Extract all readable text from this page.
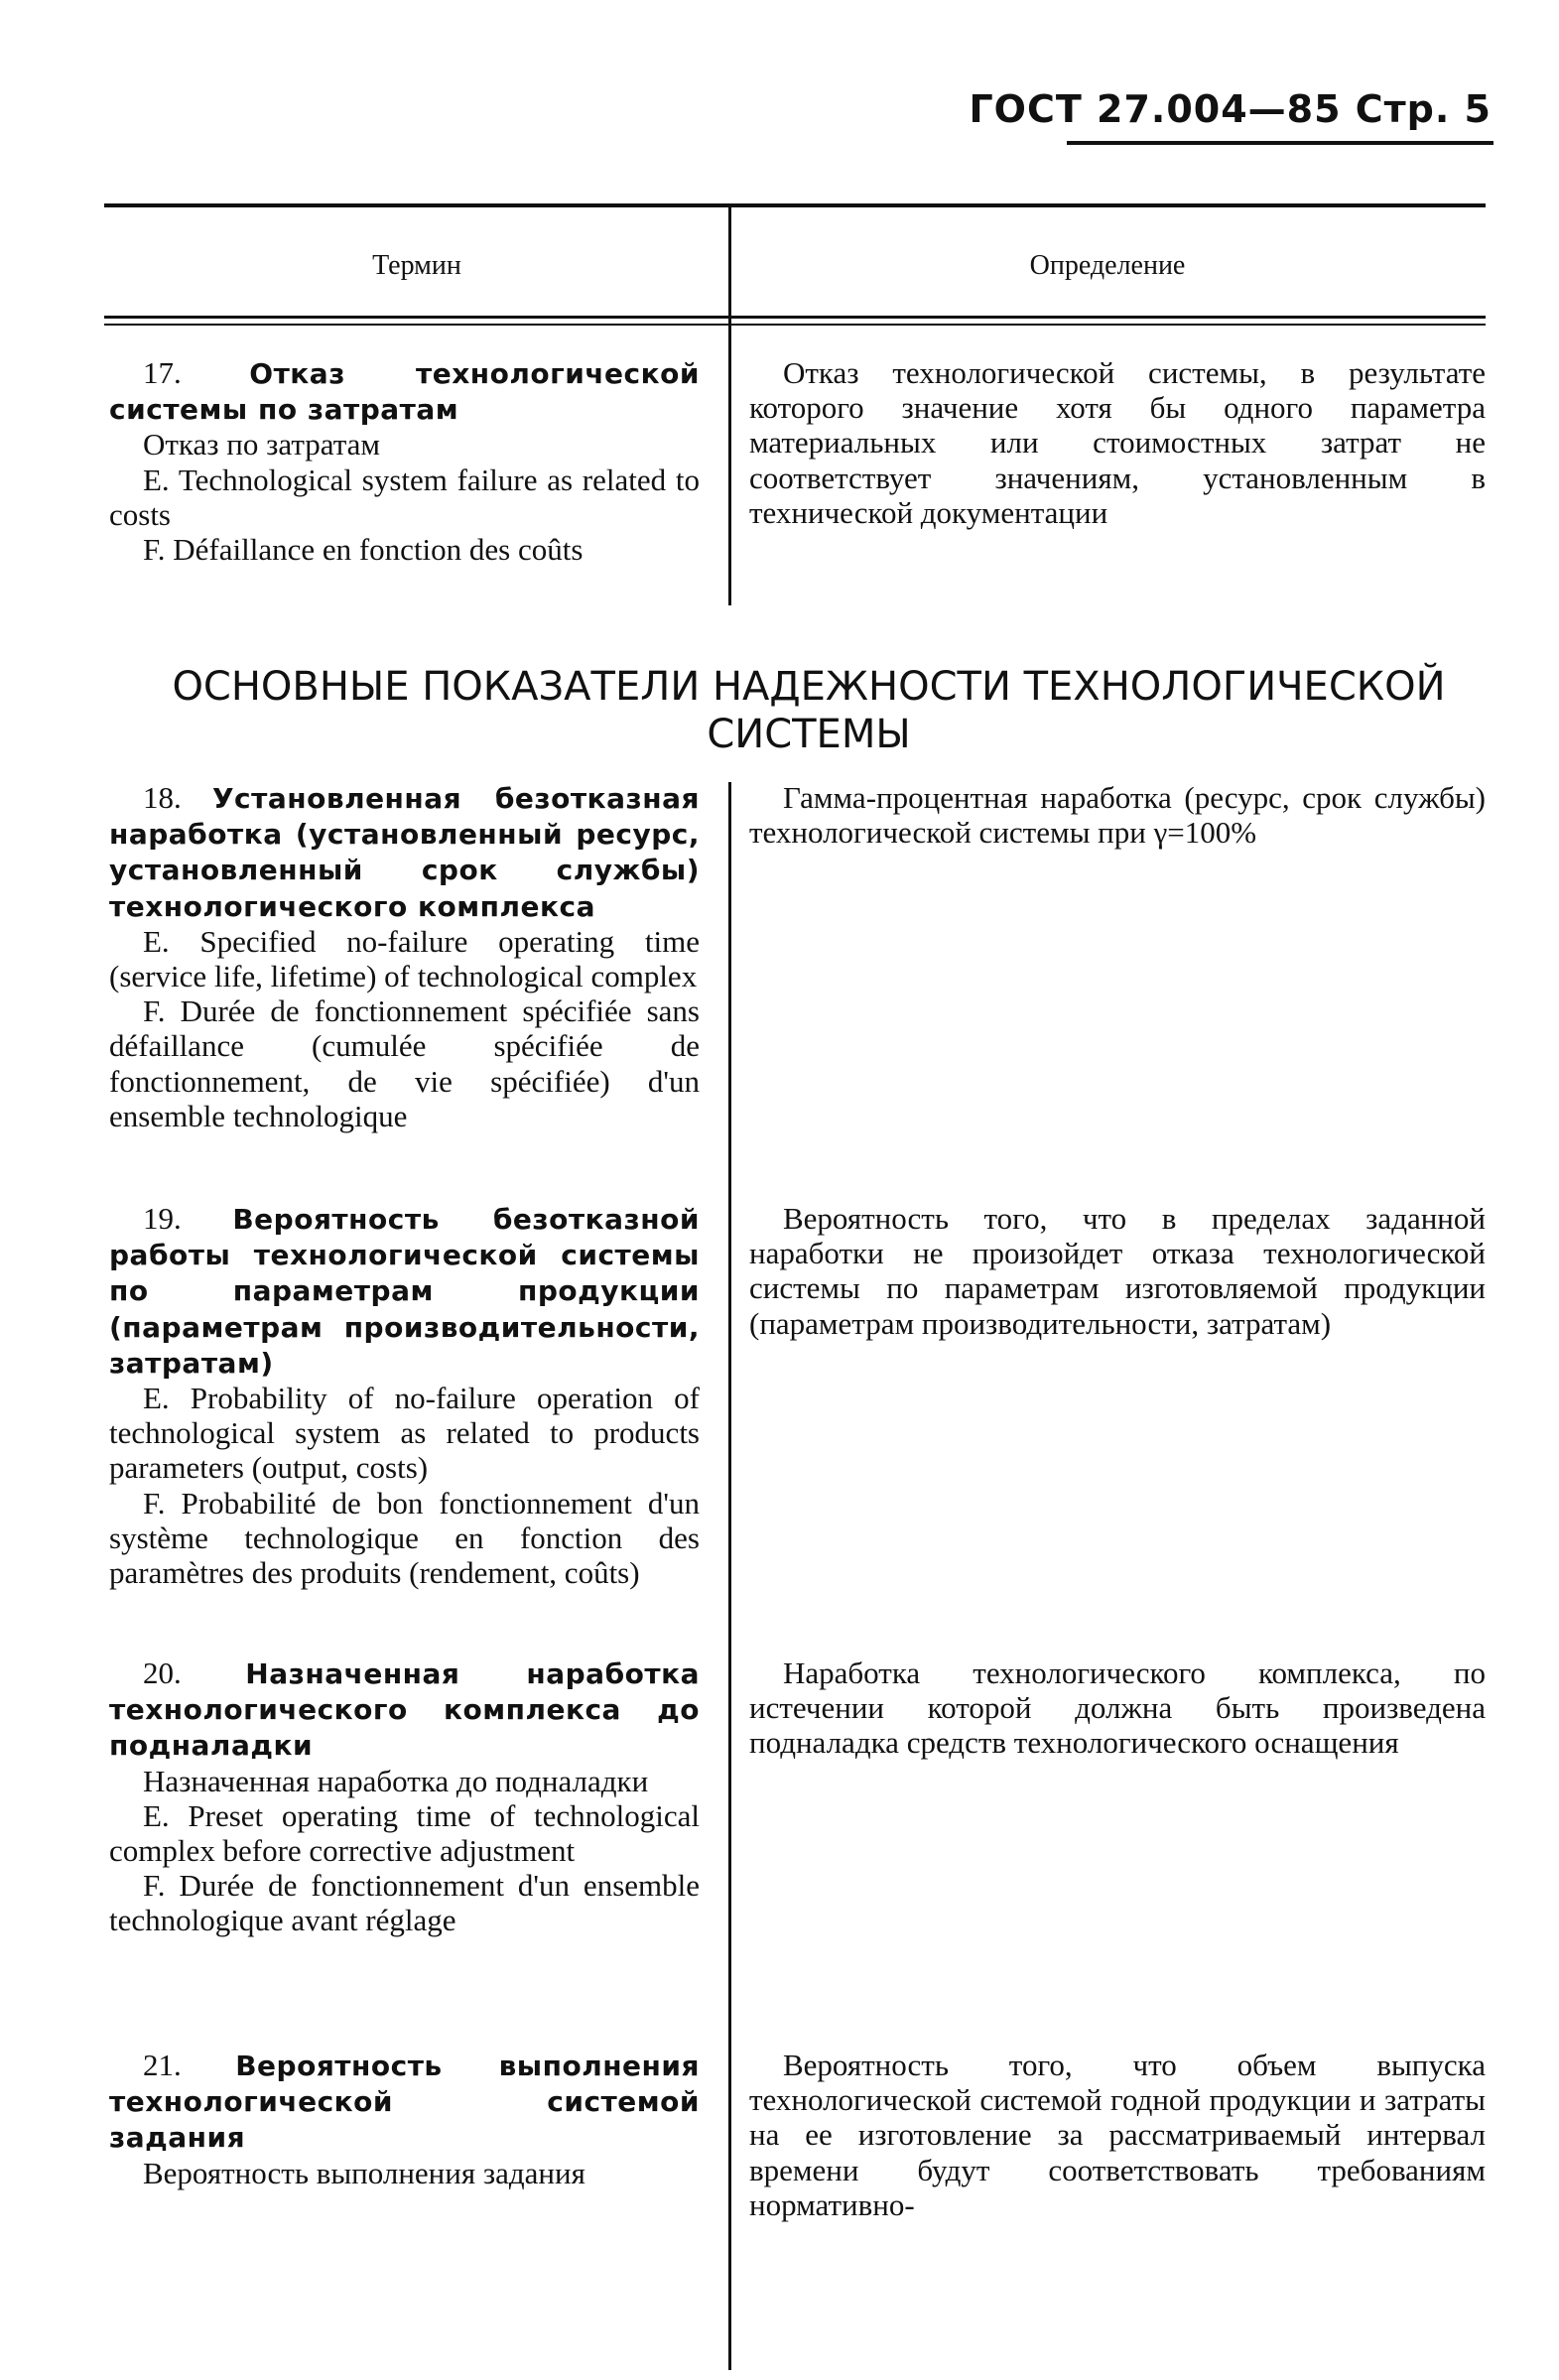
ГОСТ 27.004—85 Стр. 5
Термин	Определение

17. Отказ технологической системы по затратам

Отказ по затратам

E. Technological system failure as related to costs

F. Défaillance en fonction des coûts

Отказ технологической системы, в результате которого значение хотя бы одного параметра материальных или стоимостных затрат не соответствует значениям, установленным в технической документации
ОСНОВНЫЕ ПОКАЗАТЕЛИ НАДЕЖНОСТИ ТЕХНОЛОГИЧЕСКОЙ СИСТЕМЫ

18. Установленная безотказная наработка (установленный ресурс, установленный срок службы) технологического комплекса

E. Specified no-failure operating time (service life, lifetime) of technological complex

F. Durée de fonctionnement spécifiée sans défaillance (cumulée spécifiée de fonctionnement, de vie spécifiée) d'un ensemble technologique

Гамма-процентная наработка (ресурс, срок службы) технологической системы при γ=100%

19. Вероятность безотказной работы технологической системы по параметрам продукции (параметрам производительности, затратам)

E. Probability of no-failure operation of technological system as related to products parameters (output, costs)

F. Probabilité de bon fonctionnement d'un système technologique en fonction des paramètres des produits (rendement, coûts)

Вероятность того, что в пределах заданной наработки не произойдет отказа технологической системы по параметрам изготовляемой продукции (параметрам производительности, затратам)

20. Назначенная наработка технологического комплекса до подналадки

Назначенная наработка до подналадки

E. Preset operating time of technological complex before corrective adjustment

F. Durée de fonctionnement d'un ensemble technologique avant réglage

Наработка технологического комплекса, по истечении которой должна быть произведена подналадка средств технологического оснащения

21. Вероятность выполнения технологической системой задания

Вероятность выполнения задания

Вероятность того, что объем выпуска технологической системой годной продукции и затраты на ее изготовление за рассматриваемый интервал времени будут соответствовать требованиям нормативно-
